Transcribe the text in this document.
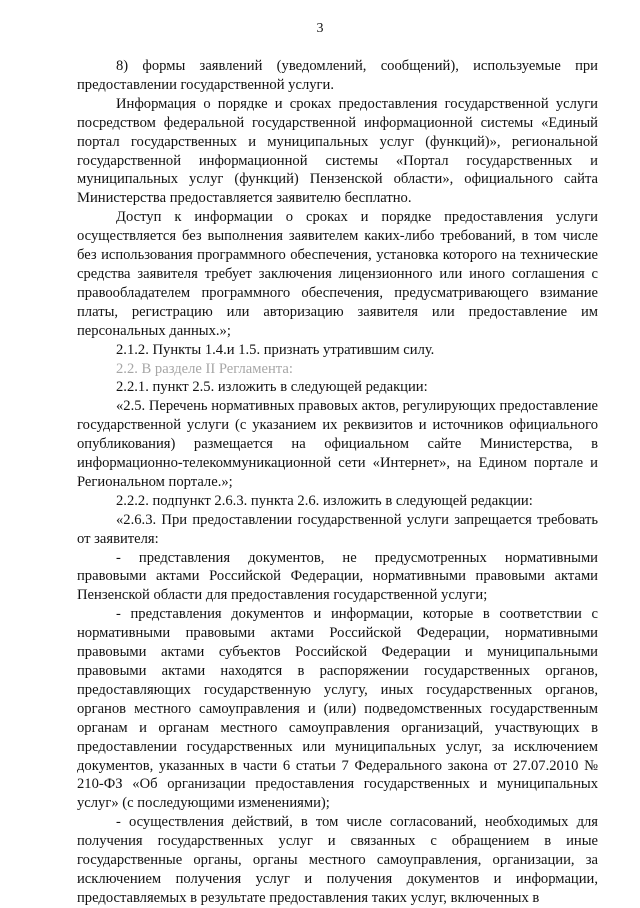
3

8) формы заявлений (уведомлений, сообщений), используемые при предоставлении государственной услуги.

Информация о порядке и сроках предоставления государственной услуги посредством федеральной государственной информационной системы «Единый портал государственных и муниципальных услуг (функций)», региональной государственной информационной системы «Портал государственных и муниципальных услуг (функций) Пензенской области», официального сайта Министерства предоставляется заявителю бесплатно.

Доступ к информации о сроках и порядке предоставления услуги осуществляется без выполнения заявителем каких-либо требований, в том числе без использования программного обеспечения, установка которого на технические средства заявителя требует заключения лицензионного или иного соглашения с правообладателем программного обеспечения, предусматривающего взимание платы, регистрацию или авторизацию заявителя или предоставление им персональных данных.»;

2.1.2. Пункты 1.4.и 1.5. признать утратившим силу.

2.2. В разделе II Регламента:

2.2.1. пункт 2.5. изложить в следующей редакции:

«2.5. Перечень нормативных правовых актов, регулирующих предоставление государственной услуги (с указанием их реквизитов и источников официального опубликования) размещается на официальном сайте Министерства, в информационно-телекоммуникационной сети «Интернет», на Едином портале и Региональном портале.»;

2.2.2. подпункт 2.6.3. пункта 2.6. изложить в следующей редакции:

«2.6.3. При предоставлении государственной услуги запрещается требовать от заявителя:

- представления документов, не предусмотренных нормативными правовыми актами Российской Федерации, нормативными правовыми актами Пензенской области для предоставления государственной услуги;

- представления документов и информации, которые в соответствии с нормативными правовыми актами Российской Федерации, нормативными правовыми актами субъектов Российской Федерации и муниципальными правовыми актами находятся в распоряжении государственных органов, предоставляющих государственную услугу, иных государственных органов, органов местного самоуправления и (или) подведомственных государственным органам и органам местного самоуправления организаций, участвующих в предоставлении государственных или муниципальных услуг, за исключением документов, указанных в части 6 статьи 7 Федерального закона от 27.07.2010 № 210-ФЗ «Об организации предоставления государственных и муниципальных услуг» (с последующими изменениями);

- осуществления действий, в том числе согласований, необходимых для получения государственных услуг и связанных с обращением в иные государственные органы, органы местного самоуправления, организации, за исключением получения услуг и получения документов и информации, предоставляемых в результате предоставления таких услуг, включенных в
